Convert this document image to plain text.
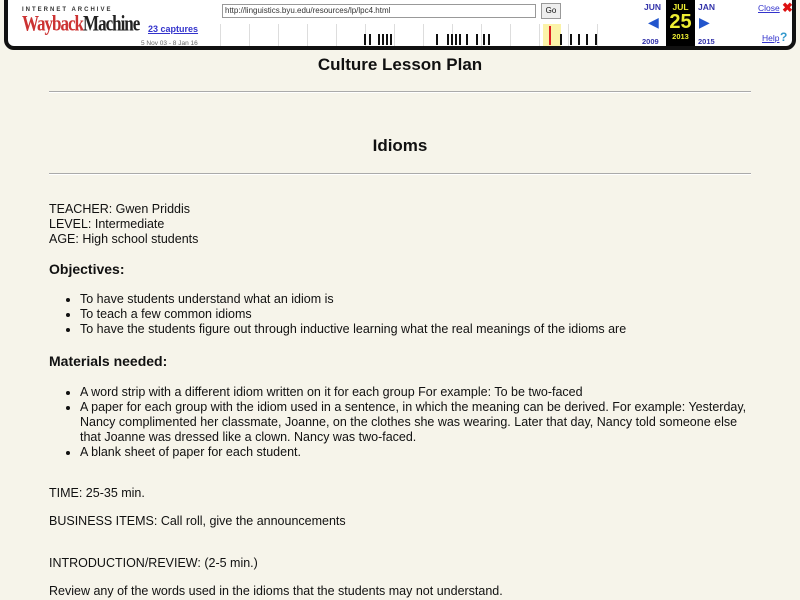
INTERNET ARCHIVE
WaybackMachine 23 captures
5 Nov 03 - 8 Jan 16
http://linguistics.byu.edu/resources/lp/lpc4.html	Go	JUN
◀
2009
JUL
25
2013
JAN
▶
2015
Close ✖
Help ?
Culture Lesson Plan
Idioms
TEACHER: Gwen Priddis
LEVEL: Intermediate
AGE: High school students
Objectives:
• To have students understand what an idiom is
• To teach a few common idioms
• To have the students figure out through inductive learning what the real meanings of the idioms are
Materials needed:
• A word strip with a different idiom written on it for each group For example: To be two-faced
• A paper for each group with the idiom used in a sentence, in which the meaning can be derived. For example: Yesterday, Nancy complimented her classmate, Joanne, on the clothes she was wearing. Later that day, Nancy told someone else that Joanne was dressed like a clown. Nancy was two-faced.
• A blank sheet of paper for each student.
TIME: 25-35 min.
BUSINESS ITEMS: Call roll, give the announcements
INTRODUCTION/REVIEW: (2-5 min.)
Review any of the words used in the idioms that the students may not understand.
